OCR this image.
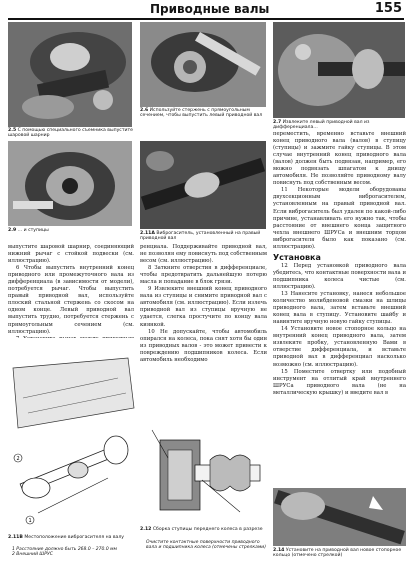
Приводные валы	155
2.5 С помощью специального съемника выпустите шаровой шарнир
2.6 Используйте стержень с прямоугольным сечением, чтобы выпустить левый приводной вал
2.7 Извлеките левый приводной вал из дифференциала…
2.9 … и ступицы
2.11А Виброгаситель, установленный на правый приводной вал

выпустите шаровой шарнир, соединяющий нижний рычаг с стойкой подвески (см. иллюстрацию).

6 Чтобы выпустить внутренний конец приводного или промежуточного вала из дифференциала (в зависимости от модели), потребуется рычаг. Чтобы выпустить правый приводной вал, используйте плоский стальной стержень со скосом на одном конце. Левый приводной вал выпустить трудно, потребуется стержень с прямоугольным сечением (см. иллюстрацию).

ренциала. Поддерживайте приводной вал, не позволяя ему повиснуть под собственным весом (см. иллюстрацию).

8 Заткните отверстия в дифференциале, чтобы предотвратить дальнейшую потерю масла и попадание в блок грязи.

9 Извлеките внешний конец приводного вала из ступицы и снимите приводной вал с автомобиля (см. иллюстрацию). Если излечь приводной вал из ступицы вручную не удается, слегка простучите по концу вала киянкой.

10 Не допускайте, чтобы автомобиль опирался на колеса, пока снят хотя бы один из приводных валов - это может привести к повреждению подшипников колеса. Если автомобиль необходимо

переместить, временно вставьте внешний конец приводного вала (валов) в ступицу (ступицы) и зажмите гайку ступицы. В этом случае внутренний конец приводного вала (валов) должен быть подвязан, например, его можно подвязать шпагатом к днищу автомобиля. Не позволяйте приводному валу повиснуть под собственным весом.

11 Некоторые модели оборудованы двухсекционным виброгасителем, установленным на правый приводной вал. Если виброгаситель был удален по какой-либо причине, устанавливать его нужно так, чтобы расстояние от внешнего конца защитного чехла внешнего ШРУСа и внешним торцом виброгасителя было как показано (см. иллюстрацию).

Установка

12 Перед установкой приводного вала убедитесь, что контактные поверхности вала и подшипника колеса чистые (см. иллюстрацию).

13 Нанесите установку, нанеся небольшое количество молибденовой смазки на шлицы приводного вала, затем вставьте внешний конец вала в ступицу. Установите шайбу и навинтите вручную новую гайку ступицы.

14 Установите новое стопорное кольцо на внутренний конец приводного вала, затем извлеките пробку, установленную Вами в отверстие дифференциала, и вставьте приводной вал в дифференциал насколько возможно (см. иллюстрацию).

15 Поместите отвертку или подобный инструмент на отлитый край внутреннего ШРУСа приводного вала (не на металлическую крышку) и введите вал в

1
2
2.11В Местоположение виброгасителя на валу
1 Расстояние должно быть 268.0 – 270.0 мм
2 Внешний ШРУС
2.12 Сборка ступицы переднего колеса в разрезе
Очистите контактные поверхности приводного вала и подшипника колеса (отмечены стрелками)
2.14 Установите на приводной вал новое стопорное кольцо (отмечено стрелкой)
